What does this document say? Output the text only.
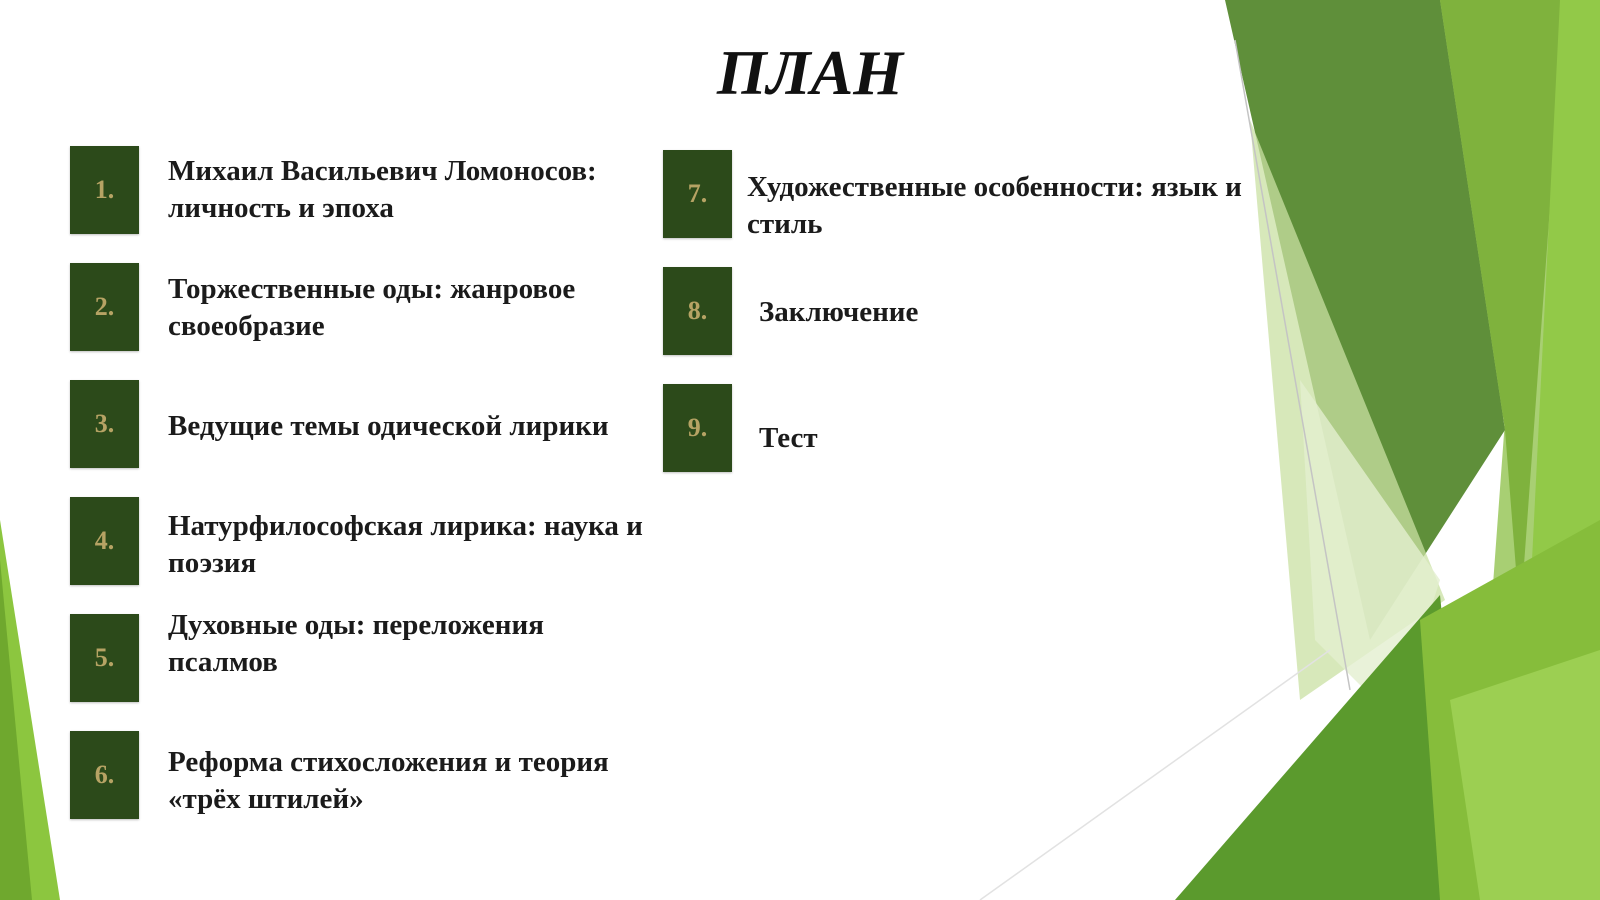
ПЛАН
1.
Михаил Васильевич Ломоносов: личность и эпоха
2.
Торжественные оды: жанровое своеобразие
3.	Ведущие темы одической лирики
4.	Натурфилософская лирика: наука и поэзия
5.
Духовные оды: переложения псалмов
6.	Реформа стихосложения и теория «трёх штилей»
7.	Художественные особенности: язык и стиль
8.	Заключение
9.	Тест
